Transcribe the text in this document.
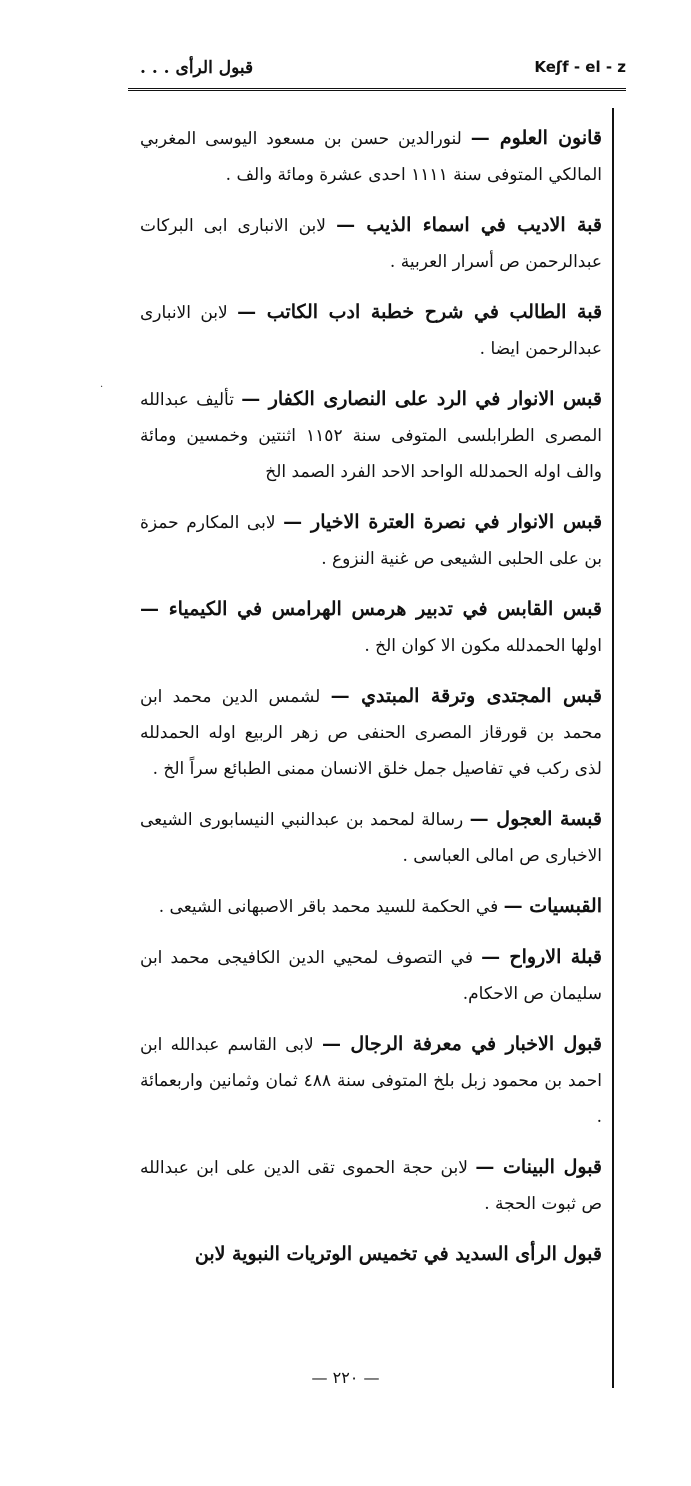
قبول الرأى . . .	Keʃf - el - z
·

قانون العلوم — لنورالدين حسن بن مسعود اليوسى المغربي المالكي المتوفى سنة ١١١١ احدى عشرة ومائة والف .

قبة الاديب في اسماء الذيب — لابن الانبارى ابى البركات عبدالرحمن ص أسرار العربية .

قبة الطالب في شرح خطبة ادب الكاتب — لابن الانبارى عبدالرحمن ايضا .

قبس الانوار في الرد على النصارى الكفار — تأليف عبدالله المصرى الطرابلسى المتوفى سنة ١١٥٢ اثنتين وخمسين ومائة والف اوله الحمدلله الواحد الاحد الفرد الصمد الخ

قبس الانوار في نصرة العترة الاخيار — لابى المكارم حمزة بن على الحلبى الشيعى ص غنية النزوع .

قبس القابس في تدبير هرمس الهرامس في الكيمياء — اولها الحمدلله مكون الا كوان الخ .

قبس المجتدى وترقة المبتدي — لشمس الدين محمد ابن محمد بن قورقاز المصرى الحنفى ص زهر الربيع اوله الحمدلله لذى ركب في تفاصيل جمل خلق الانسان ممنى الطبائع سراً الخ .

قبسة العجول — رسالة لمحمد بن عبدالنبي النيسابورى الشيعى الاخبارى ص امالى العباسى .

القبسيات — في الحكمة للسيد محمد باقر الاصبهانى الشيعى .

قبلة الارواح — في التصوف لمحيي الدين الكافيجى محمد ابن سليمان ص الاحكام.

قبول الاخبار في معرفة الرجال — لابى القاسم عبدالله ابن احمد بن محمود زبل بلخ المتوفى سنة ٤٨٨ ثمان وثمانين واربعمائة .

قبول البينات — لابن حجة الحموى تقى الدين على ابن عبدالله ص ثبوت الحجة .

قبول الرأى السديد في تخميس الوتريات النبوية لابن

— ٢٢٠ —
